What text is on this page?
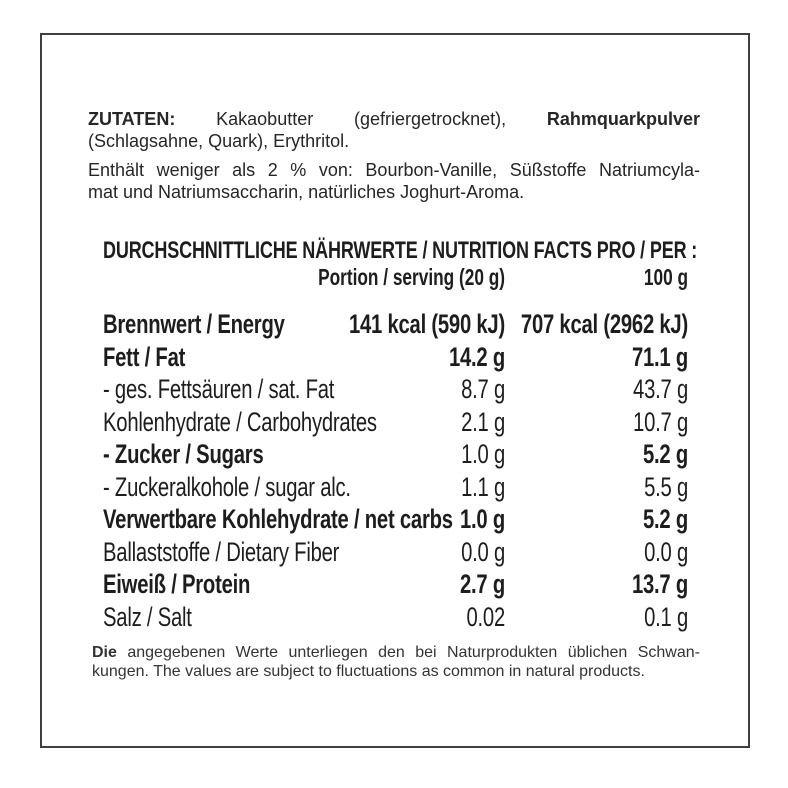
ZUTATEN: Kakaobutter (gefriergetrocknet), Rahmquarkpulver
(Schlagsahne, Quark), Erythritol.
Enthält weniger als 2 % von: Bourbon-Vanille, Süßstoffe Natriumcyla-
mat und Natriumsaccharin, natürliches Joghurt-Aroma.
DURCHSCHNITTLICHE NÄHRWERTE / NUTRITION FACTS PRO / PER :
Portion / serving (20 g)	100 g
Brennwert / Energy 141 kcal (590 kJ) 707 kcal (2962 kJ)
Fett / Fat	14.2 g	71.1 g
- ges. Fettsäuren / sat. Fat	8.7 g	43.7 g
Kohlenhydrate / Carbohydrates	2.1 g	10.7 g
- Zucker / Sugars	1.0 g	5.2 g
- Zuckeralkohole / sugar alc.	1.1 g	5.5 g
Verwertbare Kohlehydrate / net carbs 1.0 g	5.2 g
Ballaststoffe / Dietary Fiber	0.0 g	0.0 g
Eiweiß / Protein	2.7 g	13.7 g
Salz / Salt	0.02	0.1 g
Die angegebenen Werte unterliegen den bei Naturprodukten üblichen Schwan-
kungen. The values are subject to fluctuations as common in natural products.
